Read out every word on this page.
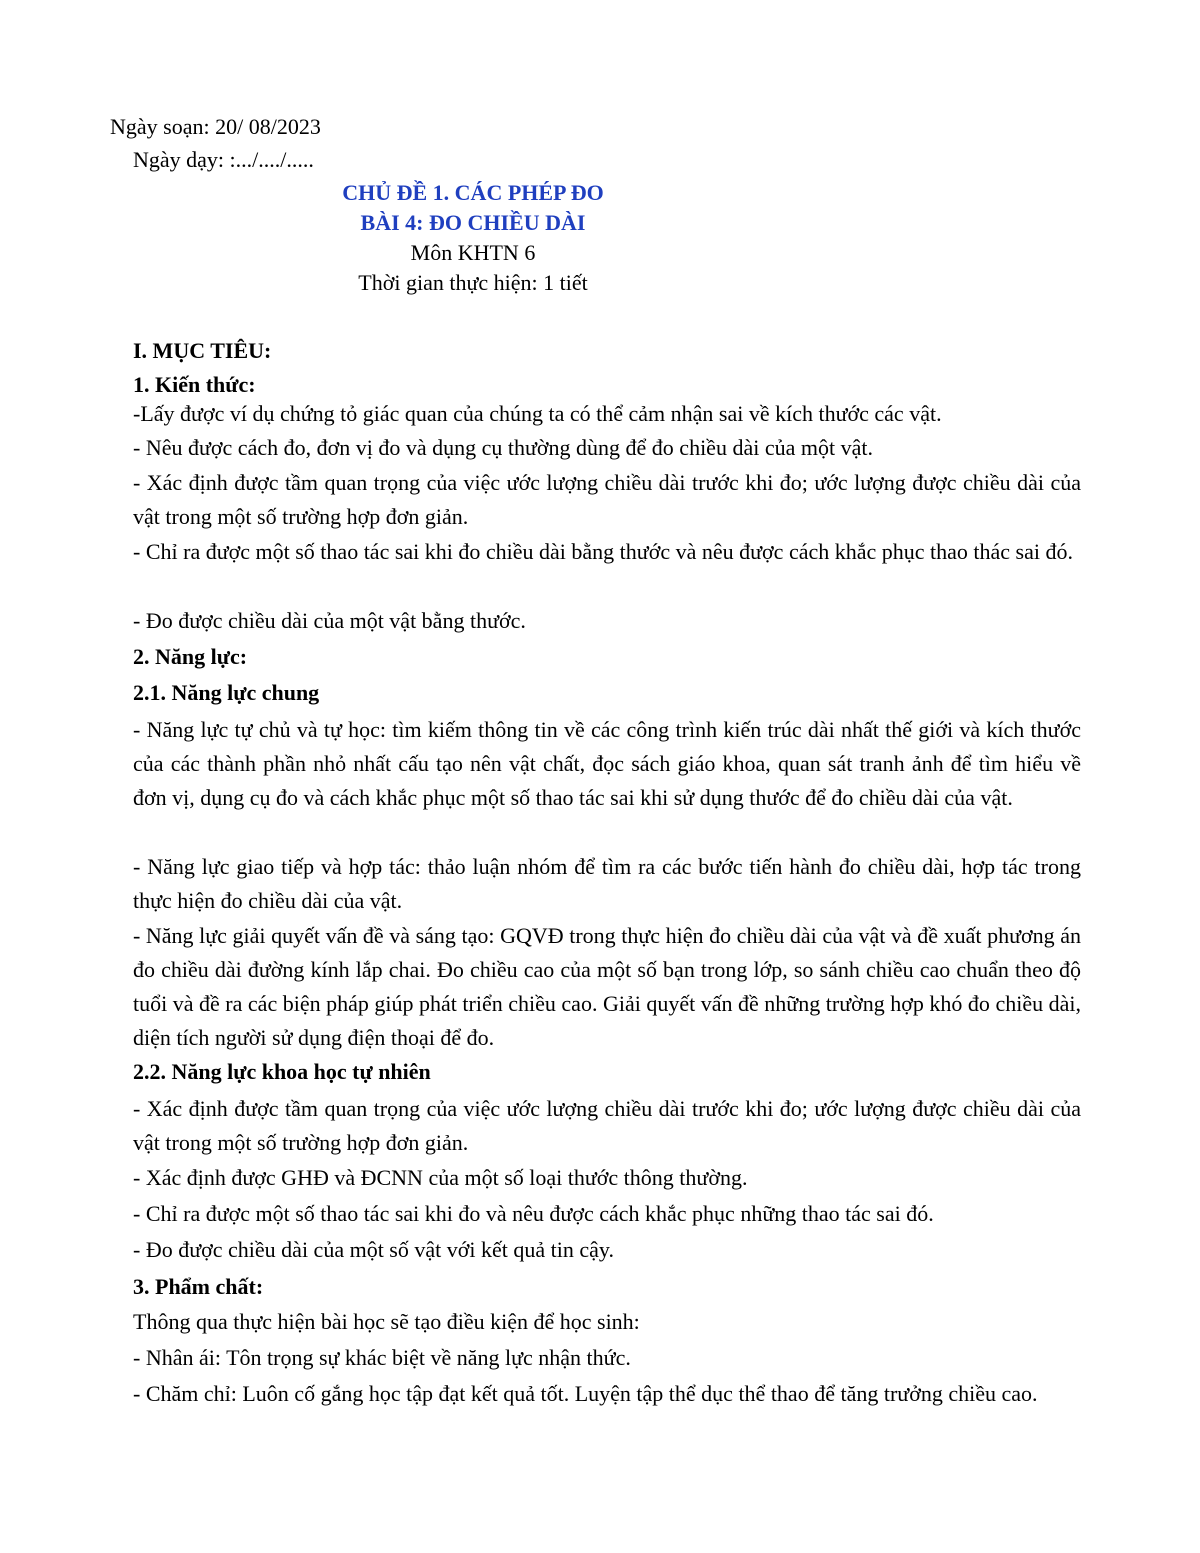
Ngày soạn: 20/ 08/2023
Ngày dạy: :.../..../.....
CHỦ ĐỀ 1. CÁC PHÉP ĐO
BÀI 4: ĐO CHIỀU DÀI
Môn KHTN 6
Thời gian thực hiện: 1 tiết
I. MỤC TIÊU:
1. Kiến thức:
-Lấy được ví dụ chứng tỏ giác quan của chúng ta có thể cảm nhận sai về kích thước các vật.
- Nêu được cách đo, đơn vị đo và dụng cụ thường dùng để đo chiều dài của một vật.
- Xác định được tầm quan trọng của việc ước lượng chiều dài trước khi đo; ước lượng được chiều dài của vật trong một số trường hợp đơn giản.
- Chỉ ra được một số thao tác sai khi đo chiều dài bằng thước và nêu được cách khắc phục thao thác sai đó.
- Đo được chiều dài của một vật bằng thước.
2. Năng lực:
2.1. Năng lực chung
- Năng lực tự chủ và tự học: tìm kiếm thông tin về các công trình kiến trúc dài nhất thế giới và kích thước của các thành phần nhỏ nhất cấu tạo nên vật chất, đọc sách giáo khoa, quan sát tranh ảnh để tìm hiểu về đơn vị, dụng cụ đo và cách khắc phục một số thao tác sai khi sử dụng thước để đo chiều dài của vật.
- Năng lực giao tiếp và hợp tác: thảo luận nhóm để tìm ra các bước tiến hành đo chiều dài, hợp tác trong thực hiện đo chiều dài của vật.
- Năng lực giải quyết vấn đề và sáng tạo: GQVĐ trong thực hiện đo chiều dài của vật và đề xuất phương án đo chiều dài đường kính lắp chai. Đo chiều cao của một số bạn trong lớp, so sánh chiều cao chuẩn theo độ tuổi và đề ra các biện pháp giúp phát triển chiều cao. Giải quyết vấn đề những trường hợp khó đo chiều dài, diện tích người sử dụng điện thoại để đo.
2.2. Năng lực khoa học tự nhiên
- Xác định được tầm quan trọng của việc ước lượng chiều dài trước khi đo; ước lượng được chiều dài của vật trong một số trường hợp đơn giản.
- Xác định được GHĐ và ĐCNN của một số loại thước thông thường.
- Chỉ ra được một số thao tác sai khi đo và nêu được cách khắc phục những thao tác sai đó.
- Đo được chiều dài của một số vật với kết quả tin cậy.
3. Phẩm chất:
Thông qua thực hiện bài học sẽ tạo điều kiện để học sinh:
- Nhân ái: Tôn trọng sự khác biệt về năng lực nhận thức.
- Chăm chỉ: Luôn cố gắng học tập đạt kết quả tốt. Luyện tập thể dục thể thao để tăng trưởng chiều cao.
